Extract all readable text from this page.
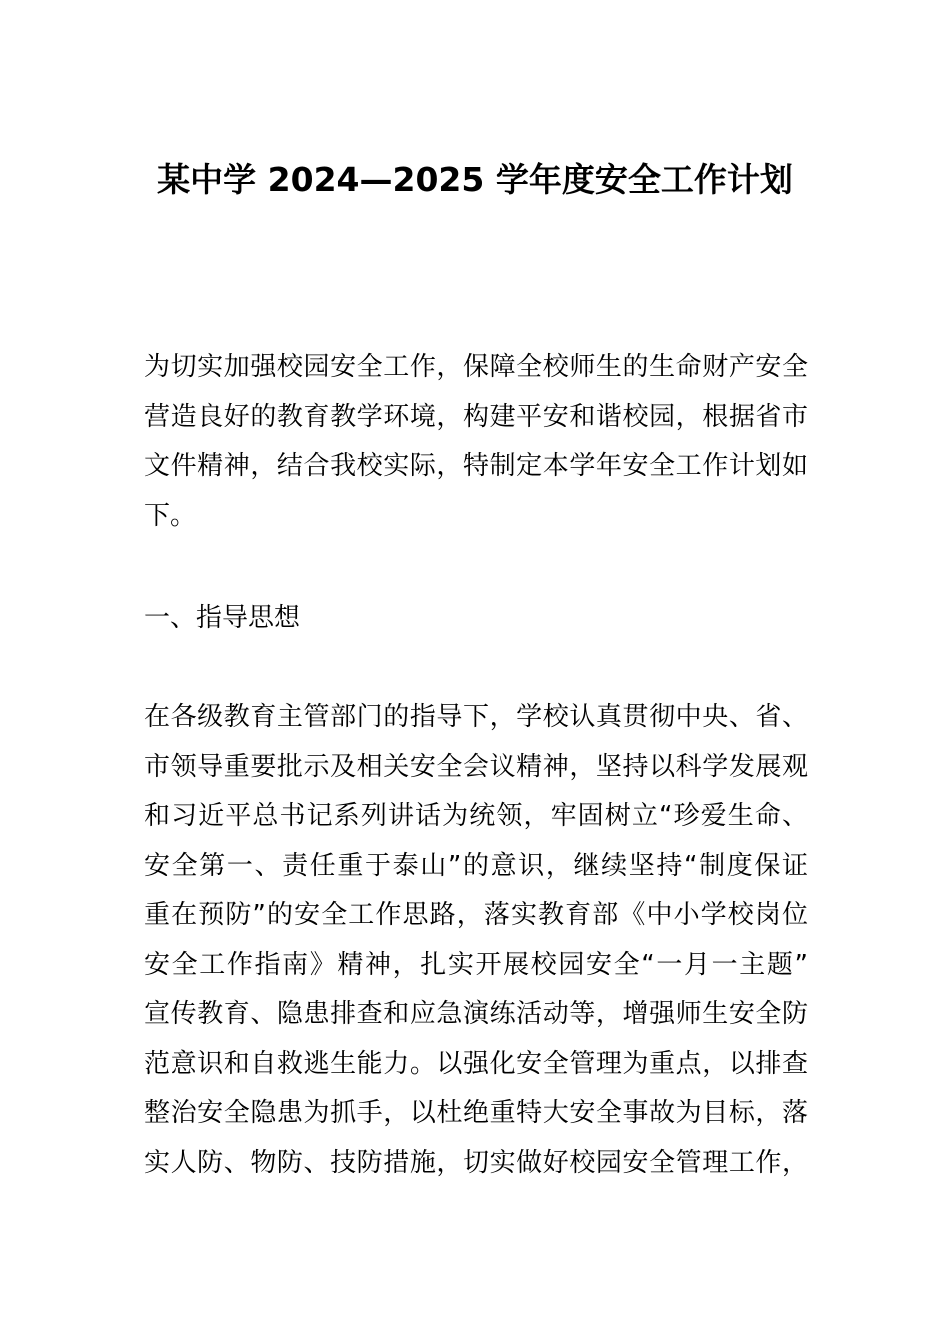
某中学 2024—2025 学年度安全工作计划
为切实加强校园安全工作，保障全校师生的生命财产安全
营造良好的教育教学环境，构建平安和谐校园，根据省市
文件精神，结合我校实际，特制定本学年安全工作计划如
下。
一、指导思想
在各级教育主管部门的指导下，学校认真贯彻中央、省、
市领导重要批示及相关安全会议精神，坚持以科学发展观
和习近平总书记系列讲话为统领，牢固树立“珍爱生命、
安全第一、责任重于泰山”的意识，继续坚持“制度保证
重在预防”的安全工作思路，落实教育部《中小学校岗位
安全工作指南》精神，扎实开展校园安全“一月一主题”
宣传教育、隐患排查和应急演练活动等，增强师生安全防
范意识和自救逃生能力。以强化安全管理为重点，以排查
整治安全隐患为抓手，以杜绝重特大安全事故为目标，落
实人防、物防、技防措施，切实做好校园安全管理工作，
